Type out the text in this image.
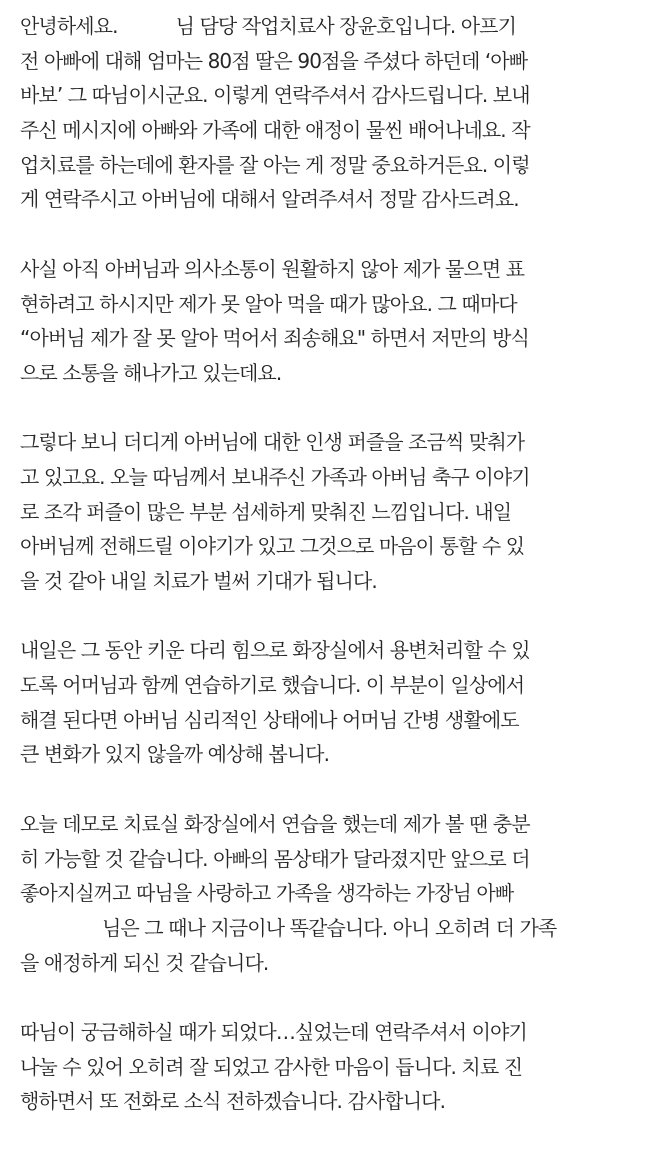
안녕하세요.	님 담당 작업치료사 장윤호입니다. 아프기
전 아빠에 대해 엄마는 80점 딸은 90점을 주셨다 하던데 ‘아빠
바보’ 그 따님이시군요. 이렇게 연락주셔서 감사드립니다. 보내
주신 메시지에 아빠와 가족에 대한 애정이 물씬 배어나네요. 작
업치료를 하는데에 환자를 잘 아는 게 정말 중요하거든요. 이렇
게 연락주시고 아버님에 대해서 알려주셔서 정말 감사드려요.
사실 아직 아버님과 의사소통이 원활하지 않아 제가 물으면 표
현하려고 하시지만 제가 못 알아 먹을 때가 많아요. 그 때마다
“아버님 제가 잘 못 알아 먹어서 죄송해요" 하면서 저만의 방식
으로 소통을 해나가고 있는데요.
그렇다 보니 더디게 아버님에 대한 인생 퍼즐을 조금씩 맞춰가
고 있고요. 오늘 따님께서 보내주신 가족과 아버님 축구 이야기
로 조각 퍼즐이 많은 부분 섬세하게 맞춰진 느낌입니다. 내일
아버님께 전해드릴 이야기가 있고 그것으로 마음이 통할 수 있
을 것 같아 내일 치료가 벌써 기대가 됩니다.
내일은 그 동안 키운 다리 힘으로 화장실에서 용변처리할 수 있
도록 어머님과 함께 연습하기로 했습니다. 이 부분이 일상에서
해결 된다면 아버님 심리적인 상태에나 어머님 간병 생활에도
큰 변화가 있지 않을까 예상해 봅니다.
오늘 데모로 치료실 화장실에서 연습을 했는데 제가 볼 땐 충분
히 가능할 것 같습니다. 아빠의 몸상태가 달라졌지만 앞으로 더
좋아지실꺼고 따님을 사랑하고 가족을 생각하는 가장님 아빠
님은 그 때나 지금이나 똑같습니다. 아니 오히려 더 가족
을 애정하게 되신 것 같습니다.
따님이 궁금해하실 때가 되었다…싶었는데 연락주셔서 이야기
나눌 수 있어 오히려 잘 되었고 감사한 마음이 듭니다. 치료 진
행하면서 또 전화로 소식 전하겠습니다. 감사합니다.
